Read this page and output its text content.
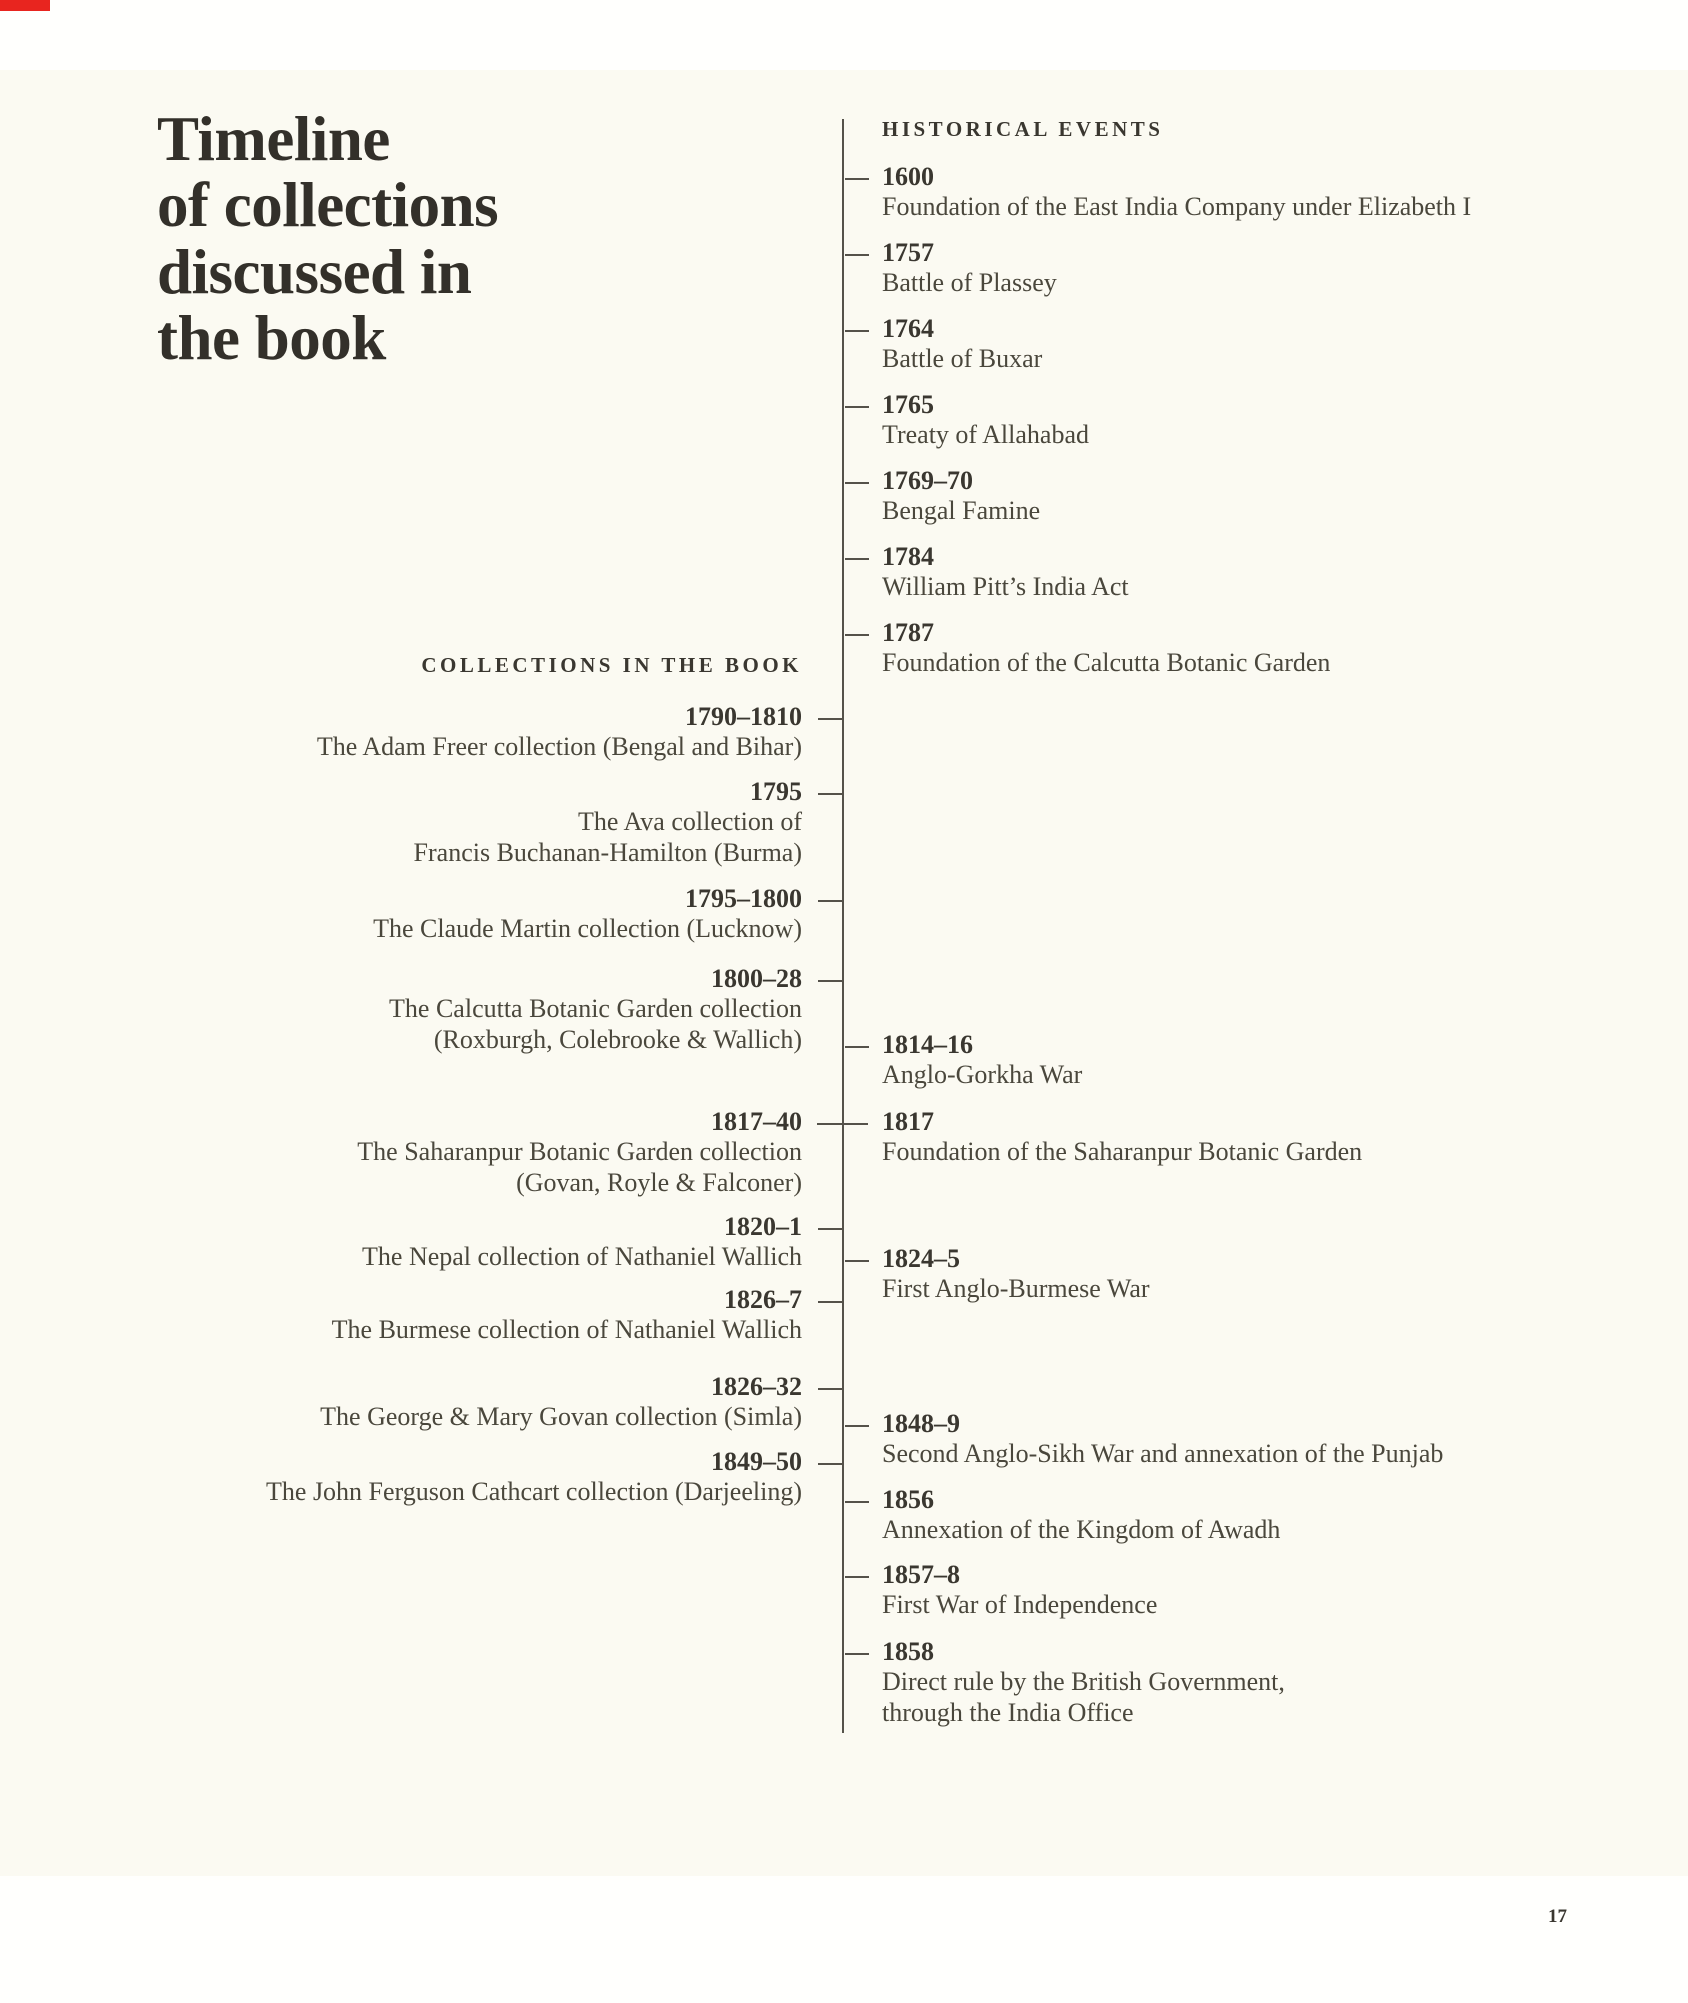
Timeline
of collections
discussed in
the book
HISTORICAL EVENTS
COLLECTIONS IN THE BOOK
1790–1810
The Adam Freer collection (Bengal and Bihar)
1795
The Ava collection of
Francis Buchanan-Hamilton (Burma)
1795–1800
The Claude Martin collection (Lucknow)
1800–28
The Calcutta Botanic Garden collection
(Roxburgh, Colebrooke & Wallich)
1817–40
The Saharanpur Botanic Garden collection
(Govan, Royle & Falconer)
1820–1
The Nepal collection of Nathaniel Wallich
1826–7
The Burmese collection of Nathaniel Wallich
1826–32
The George & Mary Govan collection (Simla)
1849–50
The John Ferguson Cathcart collection (Darjeeling)
1600
Foundation of the East India Company under Elizabeth I
1757
Battle of Plassey
1764
Battle of Buxar
1765
Treaty of Allahabad
1769–70
Bengal Famine
1784
William Pitt’s India Act
1787
Foundation of the Calcutta Botanic Garden
1814–16
Anglo-Gorkha War
1817
Foundation of the Saharanpur Botanic Garden
1824–5
First Anglo-Burmese War
1848–9
Second Anglo-Sikh War and annexation of the Punjab
1856
Annexation of the Kingdom of Awadh
1857–8
First War of Independence
1858
Direct rule by the British Government,
through the India Office
17
